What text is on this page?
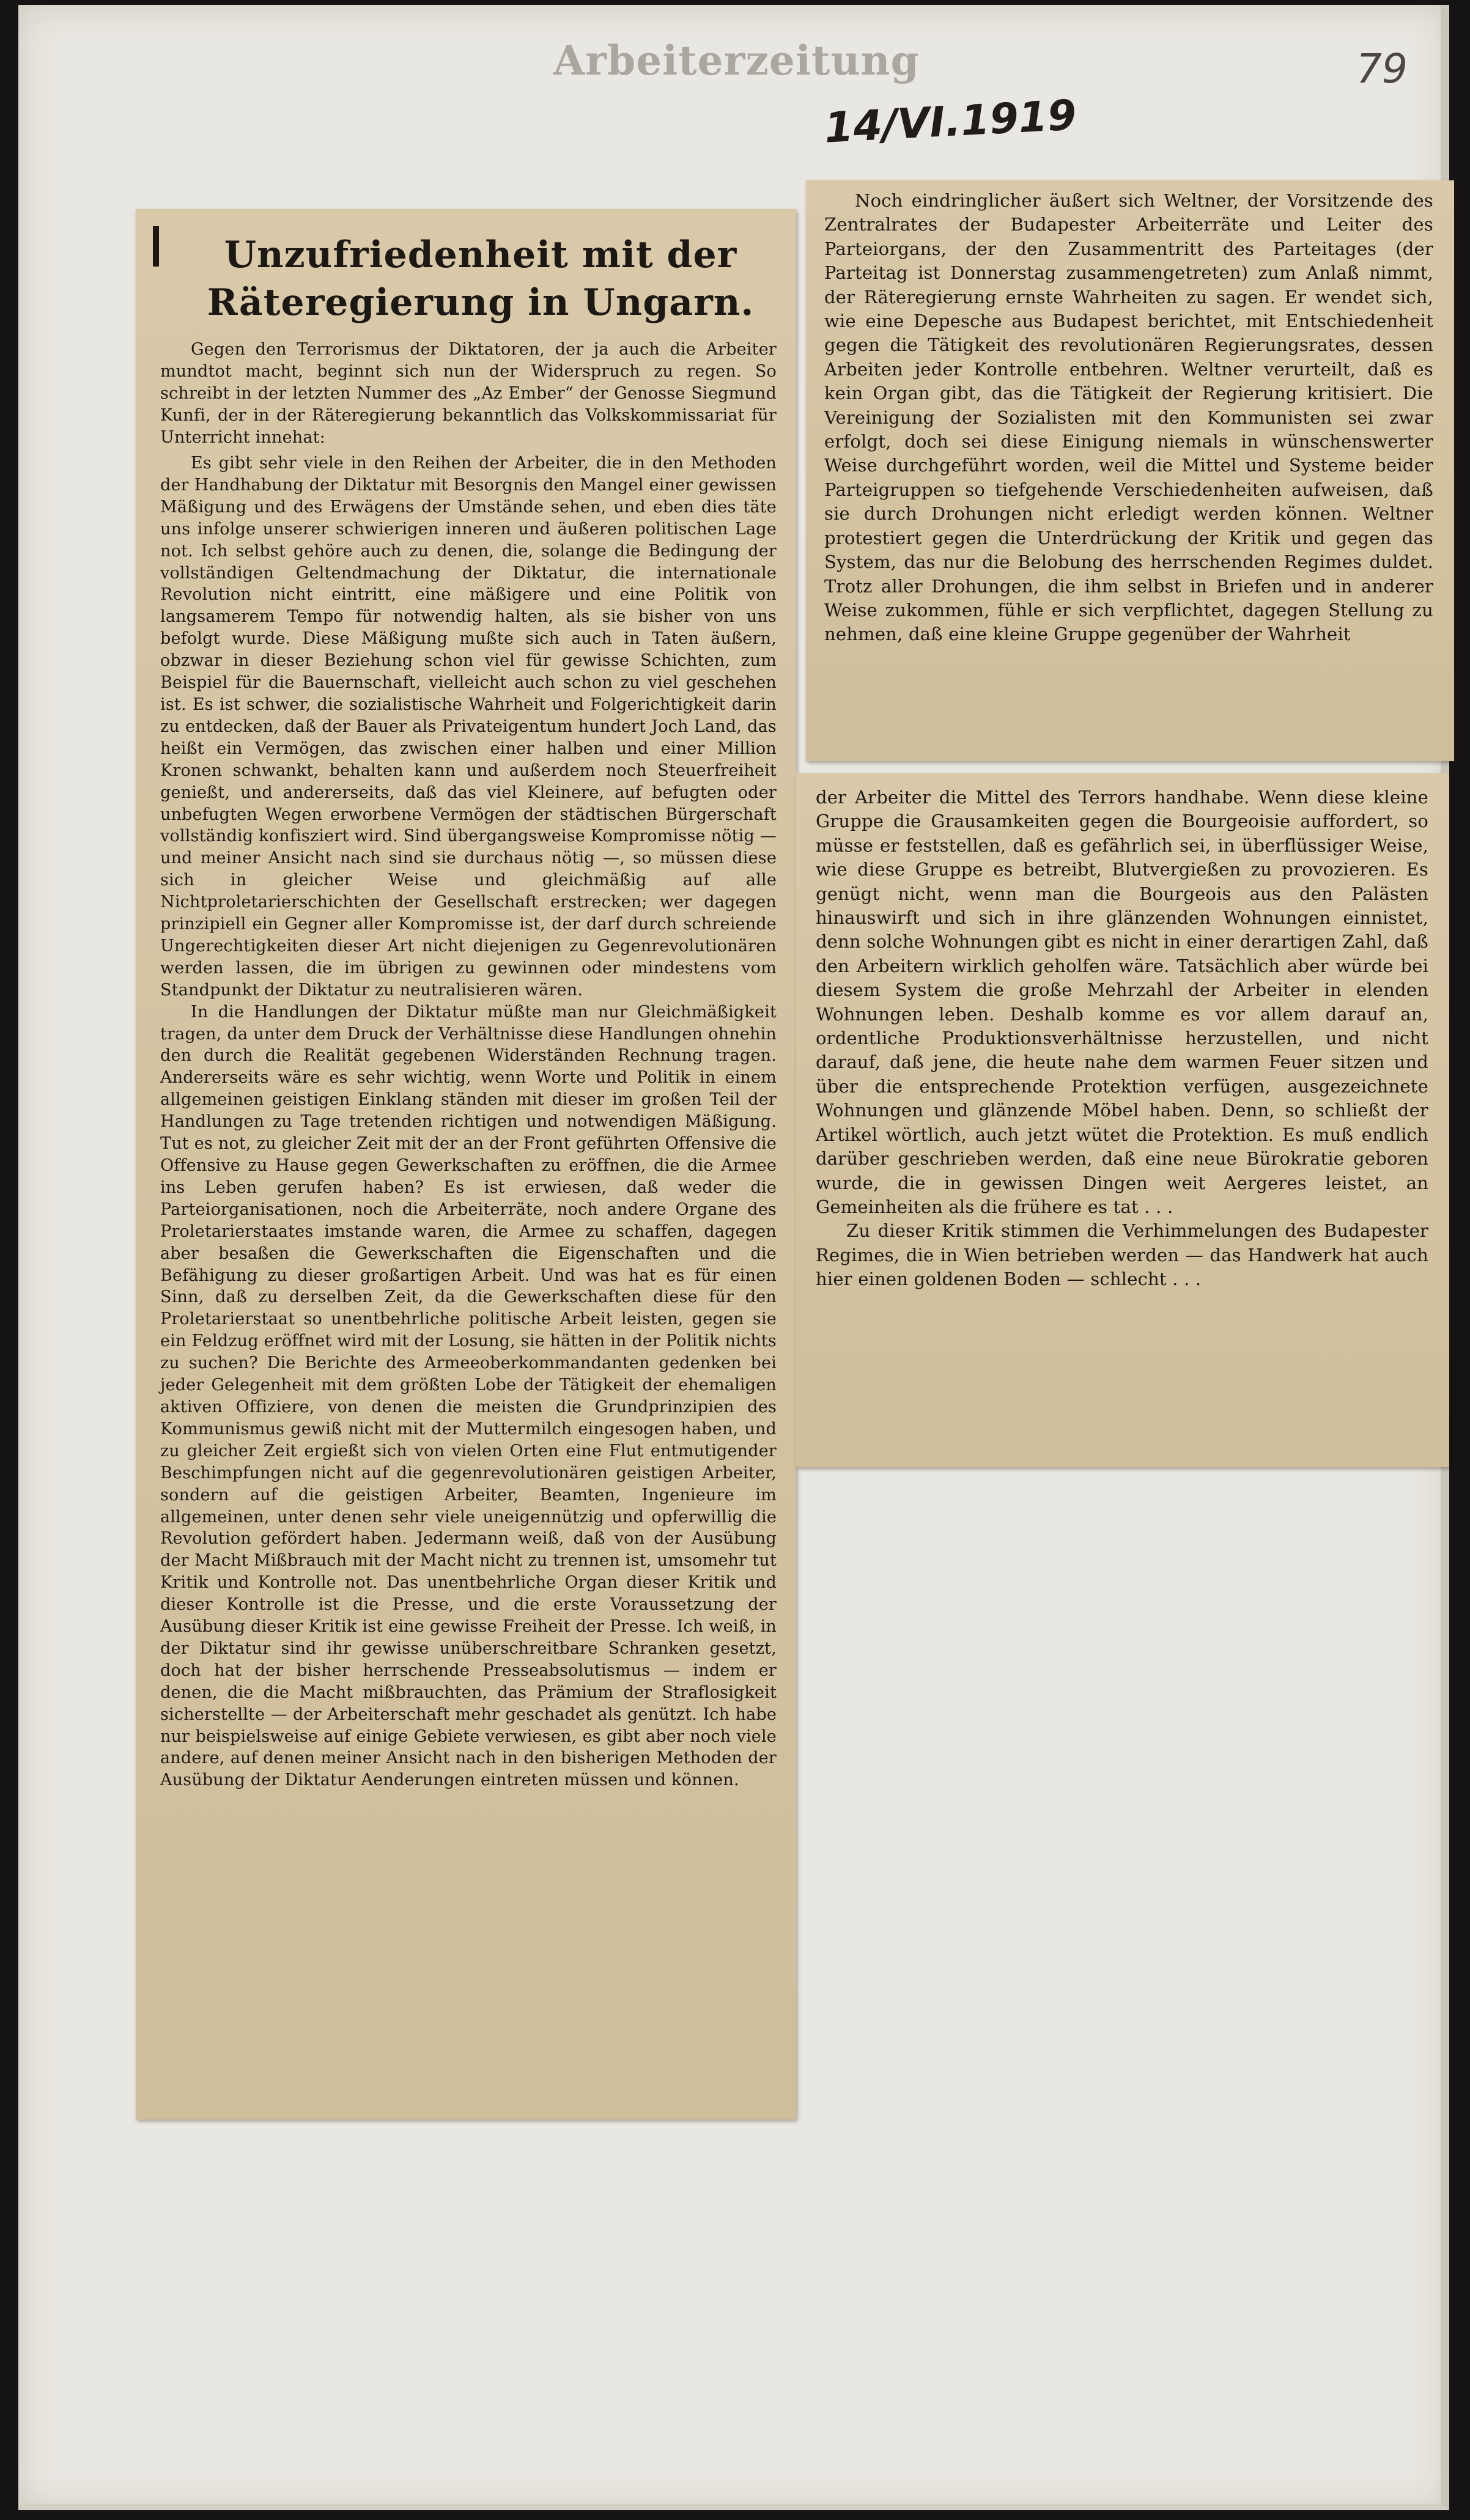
Arbeiterzeitung	79
14/VI.1919
Unzufriedenheit mit der Räteregierung in Ungarn.

Gegen den Terrorismus der Diktatoren, der ja auch die Arbeiter mundtot macht, beginnt sich nun der Widerspruch zu regen. So schreibt in der letzten Nummer des „Az Ember“ der Genosse Siegmund Kunfi, der in der Räteregierung bekanntlich das Volkskommissariat für Unterricht innehat:

Es gibt sehr viele in den Reihen der Arbeiter, die in den Methoden der Handhabung der Diktatur mit Besorgnis den Mangel einer gewissen Mäßigung und des Erwägens der Umstände sehen, und eben dies täte uns infolge unserer schwierigen inneren und äußeren politischen Lage not. Ich selbst gehöre auch zu denen, die, solange die Bedingung der vollständigen Geltendmachung der Diktatur, die internationale Revolution nicht eintritt, eine mäßigere und eine Politik von langsamerem Tempo für notwendig halten, als sie bisher von uns befolgt wurde. Diese Mäßigung mußte sich auch in Taten äußern, obzwar in dieser Beziehung schon viel für gewisse Schichten, zum Beispiel für die Bauernschaft, vielleicht auch schon zu viel geschehen ist. Es ist schwer, die sozialistische Wahrheit und Folgerichtigkeit darin zu entdecken, daß der Bauer als Privateigentum hundert Joch Land, das heißt ein Vermögen, das zwischen einer halben und einer Million Kronen schwankt, behalten kann und außerdem noch Steuerfreiheit genießt, und andererseits, daß das viel Kleinere, auf befugten oder unbefugten Wegen erworbene Vermögen der städtischen Bürgerschaft vollständig konfisziert wird. Sind übergangsweise Kompromisse nötig — und meiner Ansicht nach sind sie durchaus nötig —, so müssen diese sich in gleicher Weise und gleichmäßig auf alle Nichtproletarierschichten der Gesellschaft erstrecken; wer dagegen prinzipiell ein Gegner aller Kompromisse ist, der darf durch schreiende Ungerechtigkeiten dieser Art nicht diejenigen zu Gegenrevolutionären werden lassen, die im übrigen zu gewinnen oder mindestens vom Standpunkt der Diktatur zu neutralisieren wären.

In die Handlungen der Diktatur müßte man nur Gleichmäßigkeit tragen, da unter dem Druck der Verhältnisse diese Handlungen ohnehin den durch die Realität gegebenen Widerständen Rechnung tragen. Andererseits wäre es sehr wichtig, wenn Worte und Politik in einem allgemeinen geistigen Einklang ständen mit dieser im großen Teil der Handlungen zu Tage tretenden richtigen und notwendigen Mäßigung. Tut es not, zu gleicher Zeit mit der an der Front geführten Offensive die Offensive zu Hause gegen Gewerkschaften zu eröffnen, die die Armee ins Leben gerufen haben? Es ist erwiesen, daß weder die Parteiorganisationen, noch die Arbeiterräte, noch andere Organe des Proletarierstaates imstande waren, die Armee zu schaffen, dagegen aber besaßen die Gewerkschaften die Eigenschaften und die Befähigung zu dieser großartigen Arbeit. Und was hat es für einen Sinn, daß zu derselben Zeit, da die Gewerkschaften diese für den Proletarierstaat so unentbehrliche politische Arbeit leisten, gegen sie ein Feldzug eröffnet wird mit der Losung, sie hätten in der Politik nichts zu suchen? Die Berichte des Armeeoberkommandanten gedenken bei jeder Gelegenheit mit dem größten Lobe der Tätigkeit der ehemaligen aktiven Offiziere, von denen die meisten die Grundprinzipien des Kommunismus gewiß nicht mit der Muttermilch eingesogen haben, und zu gleicher Zeit ergießt sich von vielen Orten eine Flut entmutigender Beschimpfungen nicht auf die gegenrevolutionären geistigen Arbeiter, sondern auf die geistigen Arbeiter, Beamten, Ingenieure im allgemeinen, unter denen sehr viele uneigennützig und opferwillig die Revolution gefördert haben. Jedermann weiß, daß von der Ausübung der Macht Mißbrauch mit der Macht nicht zu trennen ist, umsomehr tut Kritik und Kontrolle not. Das unentbehrliche Organ dieser Kritik und dieser Kontrolle ist die Presse, und die erste Voraussetzung der Ausübung dieser Kritik ist eine gewisse Freiheit der Presse. Ich weiß, in der Diktatur sind ihr gewisse unüberschreitbare Schranken gesetzt, doch hat der bisher herrschende Presseabsolutismus — indem er denen, die die Macht mißbrauchten, das Prämium der Straflosigkeit sicherstellte — der Arbeiterschaft mehr geschadet als genützt. Ich habe nur beispielsweise auf einige Gebiete verwiesen, es gibt aber noch viele andere, auf denen meiner Ansicht nach in den bisherigen Methoden der Ausübung der Diktatur Aenderungen eintreten müssen und können.

Noch eindringlicher äußert sich Weltner, der Vorsitzende des Zentralrates der Budapester Arbeiterräte und Leiter des Parteiorgans, der den Zusammentritt des Parteitages (der Parteitag ist Donnerstag zusammengetreten) zum Anlaß nimmt, der Räteregierung ernste Wahrheiten zu sagen. Er wendet sich, wie eine Depesche aus Budapest berichtet, mit Entschiedenheit gegen die Tätigkeit des revolutionären Regierungsrates, dessen Arbeiten jeder Kontrolle entbehren. Weltner verurteilt, daß es kein Organ gibt, das die Tätigkeit der Regierung kritisiert. Die Vereinigung der Sozialisten mit den Kommunisten sei zwar erfolgt, doch sei diese Einigung niemals in wünschenswerter Weise durchgeführt worden, weil die Mittel und Systeme beider Parteigruppen so tiefgehende Verschiedenheiten aufweisen, daß sie durch Drohungen nicht erledigt werden können. Weltner protestiert gegen die Unterdrückung der Kritik und gegen das System, das nur die Belobung des herrschenden Regimes duldet. Trotz aller Drohungen, die ihm selbst in Briefen und in anderer Weise zukommen, fühle er sich verpflichtet, dagegen Stellung zu nehmen, daß eine kleine Gruppe gegenüber der Wahrheit

der Arbeiter die Mittel des Terrors handhabe. Wenn diese kleine Gruppe die Grausamkeiten gegen die Bourgeoisie auffordert, so müsse er feststellen, daß es gefährlich sei, in überflüssiger Weise, wie diese Gruppe es betreibt, Blutvergießen zu provozieren. Es genügt nicht, wenn man die Bourgeois aus den Palästen hinauswirft und sich in ihre glänzenden Wohnungen einnistet, denn solche Wohnungen gibt es nicht in einer derartigen Zahl, daß den Arbeitern wirklich geholfen wäre. Tatsächlich aber würde bei diesem System die große Mehrzahl der Arbeiter in elenden Wohnungen leben. Deshalb komme es vor allem darauf an, ordentliche Produktionsverhältnisse herzustellen, und nicht darauf, daß jene, die heute nahe dem warmen Feuer sitzen und über die entsprechende Protektion verfügen, ausgezeichnete Wohnungen und glänzende Möbel haben. Denn, so schließt der Artikel wörtlich, auch jetzt wütet die Protektion. Es muß endlich darüber geschrieben werden, daß eine neue Bürokratie geboren wurde, die in gewissen Dingen weit Aergeres leistet, an Gemeinheiten als die frühere es tat . . .

Zu dieser Kritik stimmen die Verhimmelungen des Budapester Regimes, die in Wien betrieben werden — das Handwerk hat auch hier einen goldenen Boden — schlecht . . .
